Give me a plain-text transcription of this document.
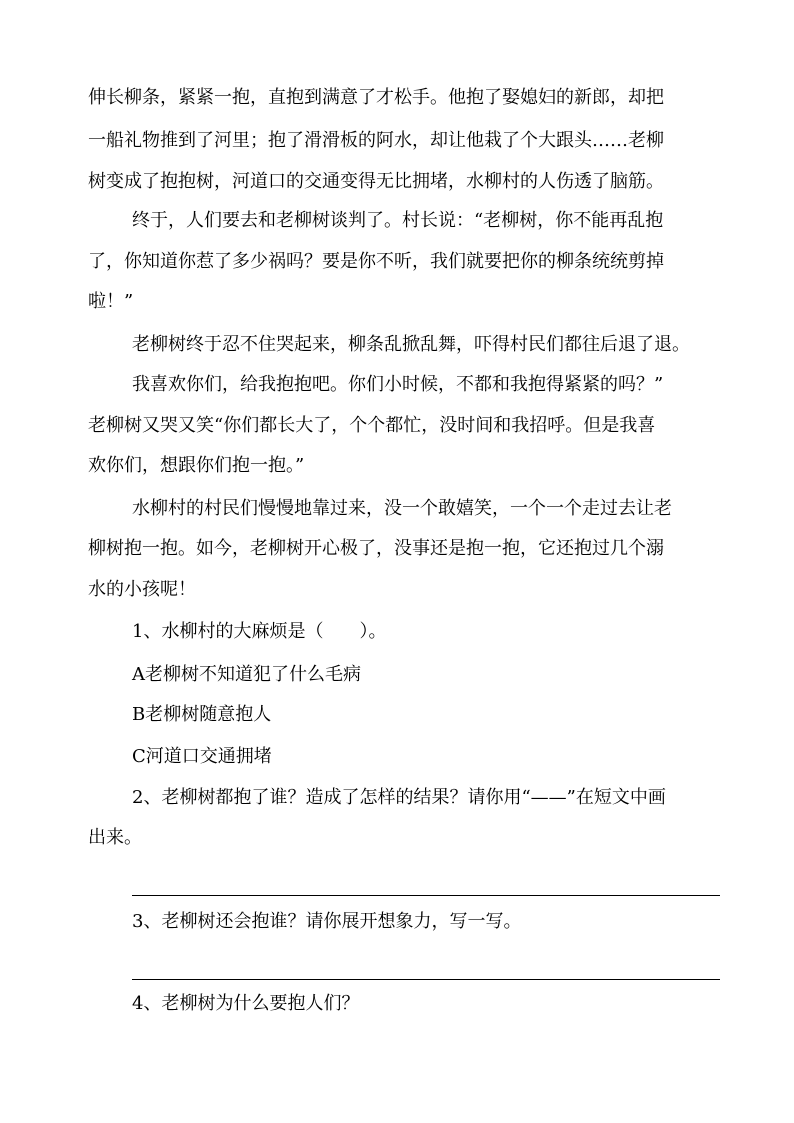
伸长柳条，紧紧一抱，直抱到满意了才松手。他抱了娶媳妇的新郎，却把
一船礼物推到了河里；抱了滑滑板的阿水，却让他栽了个大跟头……老柳
树变成了抱抱树，河道口的交通变得无比拥堵，水柳村的人伤透了脑筋。
终于，人们要去和老柳树谈判了。村长说：“老柳树，你不能再乱抱
了，你知道你惹了多少祸吗？要是你不听，我们就要把你的柳条统统剪掉
啦！”
老柳树终于忍不住哭起来，柳条乱掀乱舞，吓得村民们都往后退了退。
我喜欢你们，给我抱抱吧。你们小时候，不都和我抱得紧紧的吗？”
老柳树又哭又笑“你们都长大了，个个都忙，没时间和我招呼。但是我喜
欢你们，想跟你们抱一抱。”
水柳村的村民们慢慢地靠过来，没一个敢嬉笑，一个一个走过去让老
柳树抱一抱。如今，老柳树开心极了，没事还是抱一抱，它还抱过几个溺
水的小孩呢！
1、水柳村的大麻烦是（　　）。
A老柳树不知道犯了什么毛病
B老柳树随意抱人
C河道口交通拥堵
2、老柳树都抱了谁？造成了怎样的结果？请你用“——”在短文中画
出来。
3、老柳树还会抱谁？请你展开想象力，写一写。
4、老柳树为什么要抱人们？
